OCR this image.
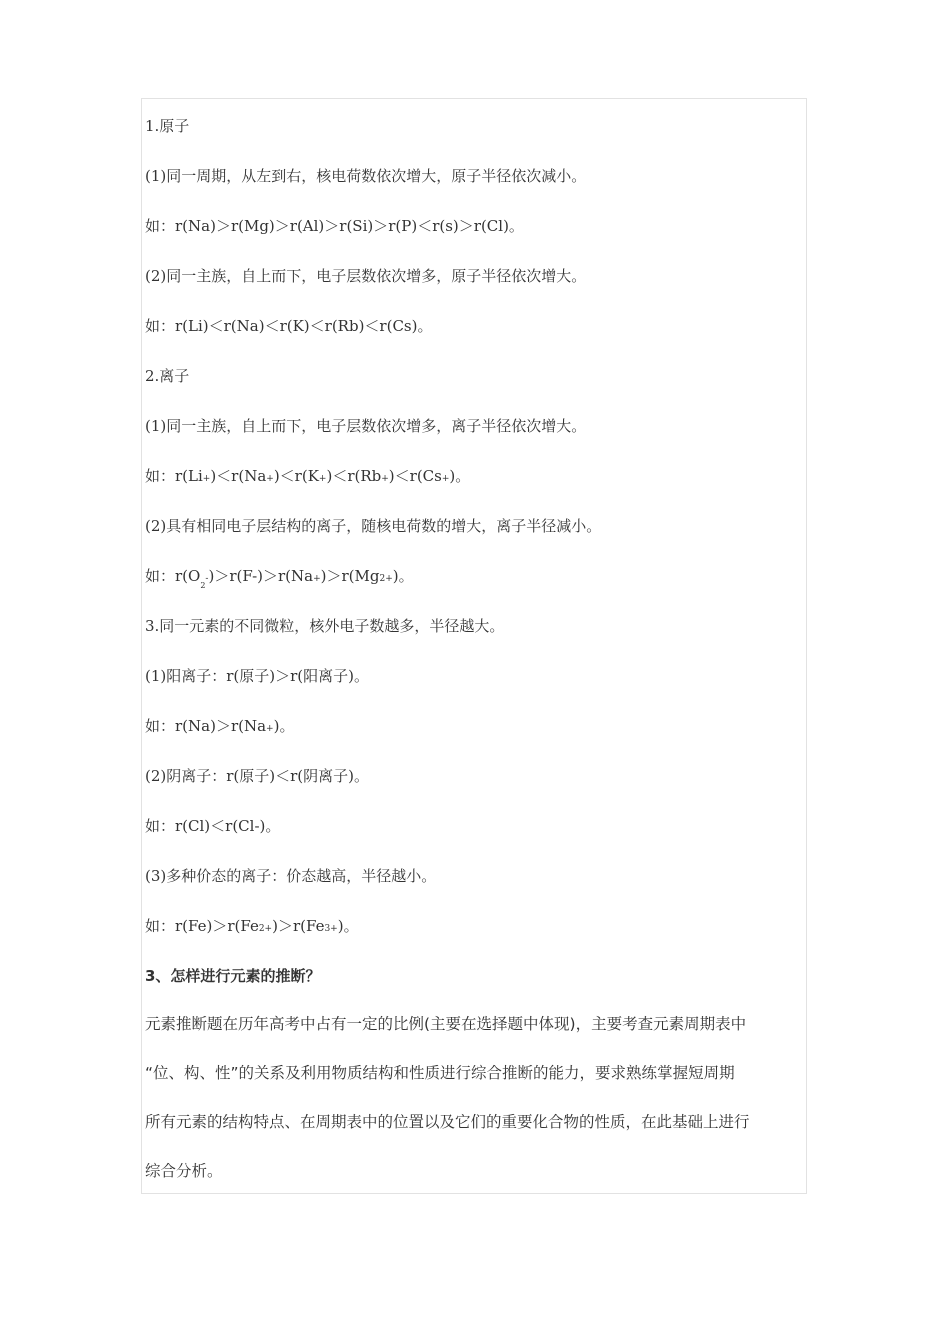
1.原子
(1)同一周期，从左到右，核电荷数依次增大，原子半径依次减小。
如：r(Na)＞r(Mg)＞r(Al)＞r(Si)＞r(P)＜r(s)＞r(Cl)。
(2)同一主族，自上而下，电子层数依次增多，原子半径依次增大。
如：r(Li)＜r(Na)＜r(K)＜r(Rb)＜r(Cs)。
2.离子
(1)同一主族，自上而下，电子层数依次增多，离子半径依次增大。
如：r(Li+)＜r(Na+)＜r(K+)＜r(Rb+)＜r(Cs+)。
(2)具有相同电子层结构的离子，随核电荷数的增大，离子半径减小。
如：$r(O_2-)>r(F-)>r(Na+)>r(Mg2+)$。
3.同一元素的不同微粒，核外电子数越多，半径越大。
(1)阳离子：r(原子)＞r(阳离子)。
如：r(Na)＞r(Na+)。
(2)阴离子：r(原子)＜r(阴离子)。
如：r(Cl)＜r(Cl-)。
(3)多种价态的离子：价态越高，半径越小。
如：r(Fe)＞r(Fe2+)＞r(Fe3+)。
3、怎样进行元素的推断？
元素推断题在历年高考中占有一定的比例(主要在选择题中体现)，主要考查元素周期表中
“位、构、性”的关系及利用物质结构和性质进行综合推断的能力，要求熟练掌握短周期
所有元素的结构特点、在周期表中的位置以及它们的重要化合物的性质，在此基础上进行
综合分析。
